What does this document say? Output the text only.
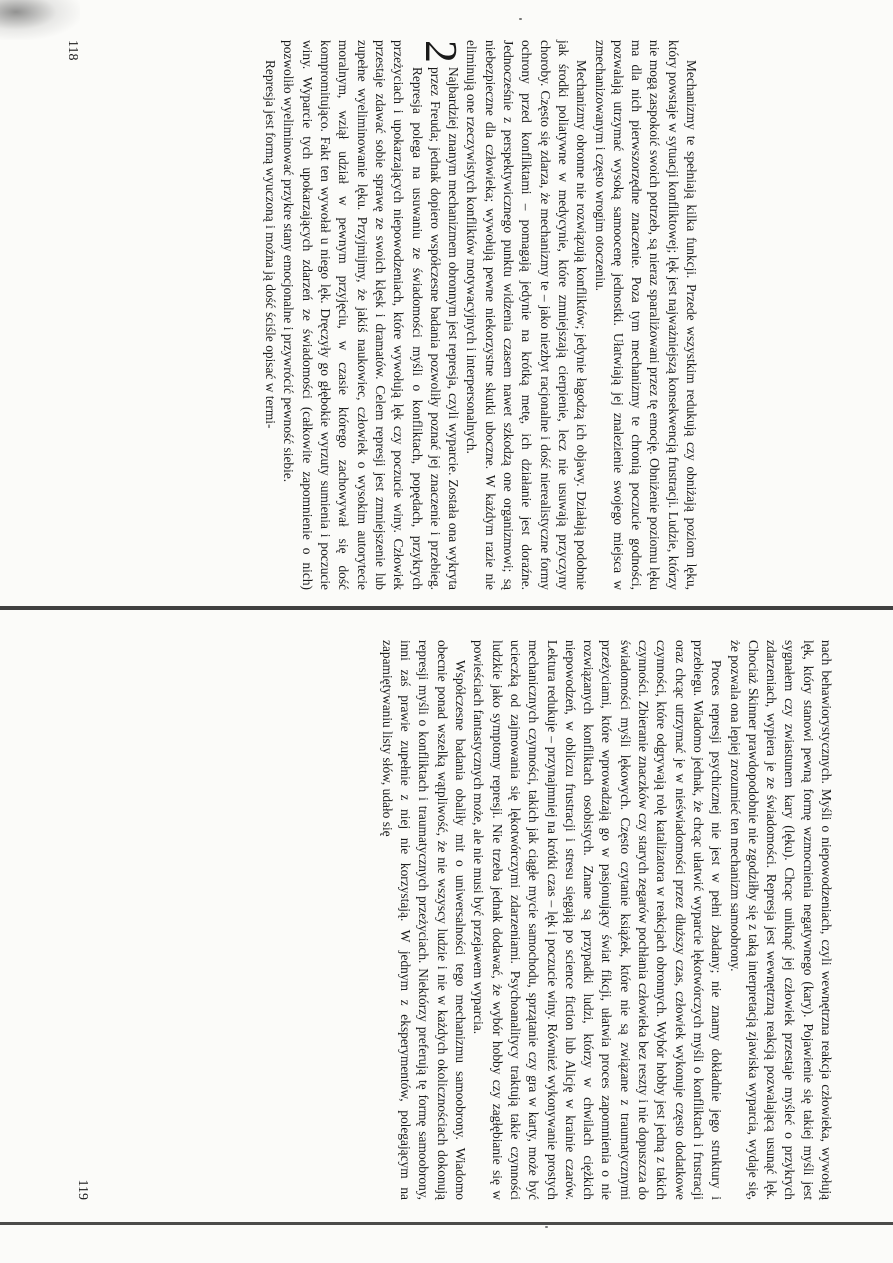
Mechanizmy te spełniają kilka funkcji. Przede wszystkim redukują czy obniżają poziom lęku, który powstaje w sytuacji konfliktowej; lęk jest najważniejszą konsekwencją frustracji. Ludzie, którzy nie mogą zaspokoić swoich potrzeb, są nieraz sparaliżowani przez tę emocję. Obniżenie poziomu lęku ma dla nich pierwszorzędne znaczenie. Poza tym mechanizmy te chronią poczucie godności, pozwalają utrzymać wysoką samoocenę jednostki. Ułatwiają jej znalezienie swojego miejsca w zmechanizowanym i często wrogim otoczeniu.

Mechanizmy obronne nie rozwiązują konfliktów; jedynie łagodzą ich objawy. Działają podobnie jak środki poliatywne w medycynie, które zmniejszają cierpienie, lecz nie usuwają przyczyny choroby. Często się zdarza, że mechanizmy te – jako niezbyt racjonalne i dość nierealistyczne formy ochrony przed konfliktami – pomagają jedynie na krótką metę, ich działanie jest doraźne. Jednocześnie z perspektywicznego punktu widzenia czasem nawet szkodzą one organizmowi; są niebezpieczne dla człowieka; wywołują pewne niekorzystne skutki uboczne. W każdym razie nie eliminują one rzeczywistych konfliktów motywacyjnych i interpersonalnych.

2
Najbardziej znanym mechanizmem obronnym jest represja, czyli wyparcie. Została ona wykryta przez Freuda; jednak dopiero współczesne badania pozwoliły poznać jej znaczenie i przebieg. Represja polega na usuwaniu ze świadomości myśli o konfliktach, popędach, przykrych przeżyciach i upokarzających niepowodzeniach, które wywołują lęk czy poczucie winy. Człowiek przestaje zdawać sobie sprawę ze swoich klęsk i dramatów. Celem represji jest zmniejszenie lub zupełne wyeliminowanie lęku. Przyjmijmy, że jakiś naukowiec, człowiek o wysokim autorytecie moralnym, wziął udział w pewnym przyjęciu, w czasie którego zachowywał się dość kompromitująco. Fakt ten wywołał u niego lęk. Dręczyły go głębokie wyrzuty sumienia i poczucie winy. Wyparcie tych upokarzających zdarzeń ze świadomości (całkowite zapomnienie o nich) pozwoliło wyeliminować przykre stany emocjonalne i przywrócić pewność siebie.

Represja jest formą wyuczoną i można ją dość ściśle opisać w termi-

118

nach behawiorystycznych. Myśli o niepowodzeniach, czyli wewnętrzna reakcja człowieka, wywołują lęk, który stanowi pewną formę wzmocnienia negatywnego (kary). Pojawienie się takiej myśli jest sygnałem czy zwiastunem kary (lęku). Chcąc uniknąć jej człowiek przestaje myśleć o przykrych zdarzeniach, wypiera je ze świadomości. Represja jest wewnętrzną reakcją pozwalającą usunąć lęk. Chociaż Skinner prawdopodobnie nie zgodziłby się z taką interpretacją zjawiska wyparcia, wydaje się, że pozwala ona lepiej zrozumieć ten mechanizm samoobrony.

Proces represji psychicznej nie jest w pełni zbadany; nie znamy dokładnie jego struktury i przebiegu. Wiadomo jednak, że chcąc ułatwić wyparcie lękotwórczych myśli o konfliktach i frustracji oraz chcąc utrzymać je w nieświadomości przez dłuższy czas, człowiek wykonuje często dodatkowe czynności, które odgrywają rolę katalizatora w reakcjach obronnych. Wybór hobby jest jedną z takich czynności. Zbieranie znaczków czy starych zegarów pochłania człowieka bez reszty i nie dopuszcza do świadomości myśli lękowych. Często czytanie książek, które nie są związane z traumatycznymi przeżyciami, które wprowadzają go w pasjonujący świat fikcji, ułatwia proces zapomnienia o nie rozwiązanych konfliktach osobistych. Znane są przypadki ludzi, którzy w chwilach ciężkich niepowodzeń, w obliczu frustracji i stresu sięgają po science fiction lub Alicję w krainie czarów. Lektura redukuje – przynajmniej na krótki czas – lęk i poczucie winy. Również wykonywanie prostych mechanicznych czynności, takich jak ciągłe mycie samochodu, sprzątanie czy gra w karty, może być ucieczką od zajmowania się lękotwórczymi zdarzeniami. Psychoanalitycy traktują takie czynności ludzkie jako symptomy represji. Nie trzeba jednak dodawać, że wybór hobby czy zagłębianie się w powieściach fantastycznych może, ale nie musi być przejawem wyparcia.

Współczesne badania obaliły mit o uniwersalności tego mechanizmu samoobrony. Wiadomo obecnie ponad wszelką wątpliwość, że nie wszyscy ludzie i nie w każdych okolicznościach dokonują represji myśli o konfliktach i traumatycznych przeżyciach. Niektórzy preferują tę formę samoobrony, inni zaś prawie zupełnie z niej nie korzystają. W jednym z eksperymentów, polegającym na zapamiętywaniu listy słów, udało się

119
